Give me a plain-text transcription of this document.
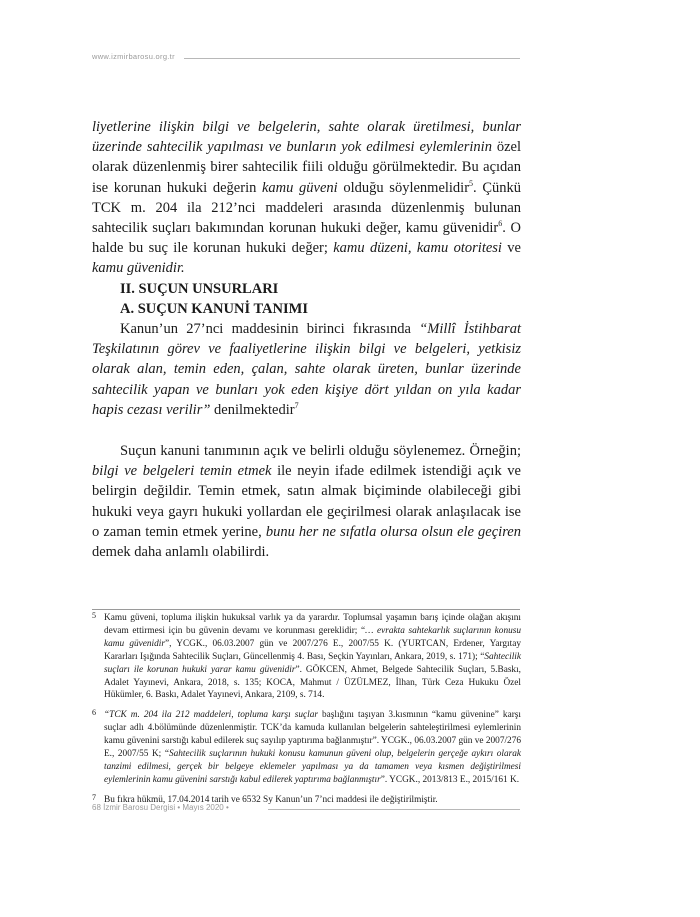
www.izmirbarosu.org.tr

liyetlerine ilişkin bilgi ve belgelerin, sahte olarak üretilmesi, bunlar üzerinde sahtecilik yapılması ve bunların yok edilmesi eylemlerinin özel olarak düzenlenmiş birer sahtecilik fiili olduğu görülmektedir. Bu açıdan ise korunan hukuki değerin kamu güveni olduğu söylenmelidir$^5$. Çünkü TCK m. 204 ila 212’nci maddeleri arasında düzenlenmiş bulunan sahtecilik suçları bakımından korunan hukuki değer, kamu güvenidir$^6$. O halde bu suç ile korunan hukuki değer; kamu düzeni, kamu otoritesi ve kamu güvenidir.

II. SUÇUN UNSURLARI

A. SUÇUN KANUNİ TANIMI

Kanun’un 27’nci maddesinin birinci fıkrasında “Millî İstihbarat Teşkilatının görev ve faaliyetlerine ilişkin bilgi ve belgeleri, yetkisiz olarak alan, temin eden, çalan, sahte olarak üreten, bunlar üzerinde sahtecilik yapan ve bunları yok eden kişiye dört yıldan on yıla kadar hapis cezası verilir” denilmektedir$^7$

Suçun kanuni tanımının açık ve belirli olduğu söylenemez. Örneğin; bilgi ve belgeleri temin etmek ile neyin ifade edilmek istendiği açık ve belirgin değildir. Temin etmek, satın almak biçiminde olabileceği gibi hukuki veya gayrı hukuki yollardan ele geçirilmesi olarak anlaşılacak ise o zaman temin etmek yerine, bunu her ne sıfatla olursa olsun ele geçiren demek daha anlamlı olabilirdi.

5 Kamu güveni, topluma ilişkin hukuksal varlık ya da yarardır. Toplumsal yaşamın barış içinde olağan akışını devam ettirmesi için bu güvenin devamı ve korunması gereklidir; “… evrakta sahtekarlık suçlarının konusu kamu güvenidir”, YCGK., 06.03.2007 gün ve 2007/276 E., 2007/55 K. (YURTCAN, Erdener, Yargıtay Kararları Işığında Sahtecilik Suçları, Güncellenmiş 4. Bası, Seçkin Yayınları, Ankara, 2019, s. 171); “Sahtecilik suçları ile korunan hukuki yarar kamu güvenidir”. GÖKCEN, Ahmet, Belgede Sahtecilik Suçları, 5.Baskı, Adalet Yayınevi, Ankara, 2018, s. 135; KOCA, Mahmut / ÜZÜLMEZ, İlhan, Türk Ceza Hukuku Özel Hükümler, 6. Baskı, Adalet Yayınevi, Ankara, 2109, s. 714.
6 “TCK m. 204 ila 212 maddeleri, topluma karşı suçlar başlığını taşıyan 3.kısmının “kamu güvenine” karşı suçlar adlı 4.bölümünde düzenlenmiştir. TCK’da kamuda kullanılan belgelerin sahteleştirilmesi eylemlerinin kamu güvenini sarstığı kabul edilerek suç sayılıp yaptırıma bağlanmıştır”. YCGK., 06.03.2007 gün ve 2007/276 E., 2007/55 K; “Sahtecilik suçlarının hukuki konusu kamunun güveni olup, belgelerin gerçeğe aykırı olarak tanzimi edilmesi, gerçek bir belgeye eklemeler yapılması ya da tamamen veya kısmen değiştirilmesi eylemlerinin kamu güvenini sarstığı kabul edilerek yaptırıma bağlanmıştır”. YCGK., 2013/813 E., 2015/161 K.
7 Bu fıkra hükmü, 17.04.2014 tarih ve 6532 Sy Kanun’un 7’nci maddesi ile değiştirilmiştir.
68 İzmir Barosu Dergisi • Mayıs 2020 •
